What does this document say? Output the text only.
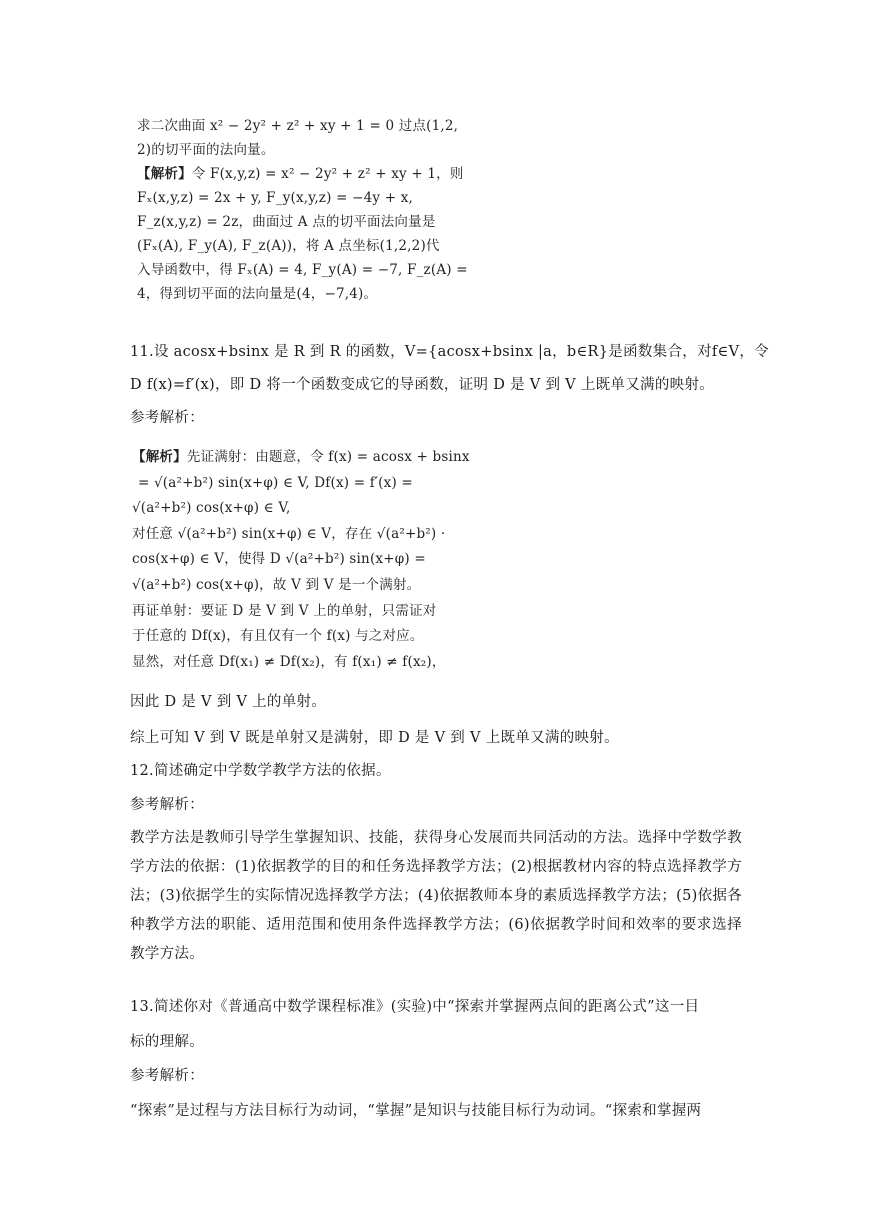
求二次曲面 x² − 2y² + z² + xy + 1 = 0 过点(1,2,
2)的切平面的法向量。
【解析】令 F(x,y,z) = x² − 2y² + z² + xy + 1，则
Fₓ(x,y,z) = 2x + y, F_y(x,y,z) = −4y + x,
F_z(x,y,z) = 2z，曲面过 A 点的切平面法向量是
(Fₓ(A), F_y(A), F_z(A))，将 A 点坐标(1,2,2)代
入导函数中，得 Fₓ(A) = 4, F_y(A) = −7, F_z(A) =
4，得到切平面的法向量是(4，−7,4)。
11.设 acosx+bsinx 是 R 到 R 的函数，V={acosx+bsinx |a，b∈R}是函数集合，对f∈V，令
D f(x)=f′(x)，即 D 将一个函数变成它的导函数，证明 D 是 V 到 V 上既单又满的映射。
参考解析：
【解析】先证满射：由题意，令 f(x) = acosx + bsinx
= √(a²+b²) sin(x+φ) ∈ V, Df(x) = f′(x) =
√(a²+b²) cos(x+φ) ∈ V,
对任意 √(a²+b²) sin(x+φ) ∈ V，存在 √(a²+b²) ·
cos(x+φ) ∈ V，使得 D √(a²+b²) sin(x+φ) =
√(a²+b²) cos(x+φ)，故 V 到 V 是一个满射。
再证单射：要证 D 是 V 到 V 上的单射，只需证对
于任意的 Df(x)，有且仅有一个 f(x) 与之对应。
显然，对任意 Df(x₁) ≠ Df(x₂)，有 f(x₁) ≠ f(x₂)，
因此 D 是 V 到 V 上的单射。
综上可知 V 到 V 既是单射又是满射，即 D 是 V 到 V 上既单又满的映射。
12.简述确定中学数学教学方法的依据。
参考解析：
教学方法是教师引导学生掌握知识、技能，获得身心发展而共同活动的方法。选择中学数学教学方法的依据：(1)依据教学的目的和任务选择教学方法；(2)根据教材内容的特点选择教学方法；(3)依据学生的实际情况选择教学方法；(4)依据教师本身的素质选择教学方法；(5)依据各种教学方法的职能、适用范围和使用条件选择教学方法；(6)依据教学时间和效率的要求选择教学方法。
13.简述你对《普通高中数学课程标准》(实验)中“探索并掌握两点间的距离公式”这一目
标的理解。
参考解析：
“探索”是过程与方法目标行为动词，“掌握”是知识与技能目标行为动词。“探索和掌握两
